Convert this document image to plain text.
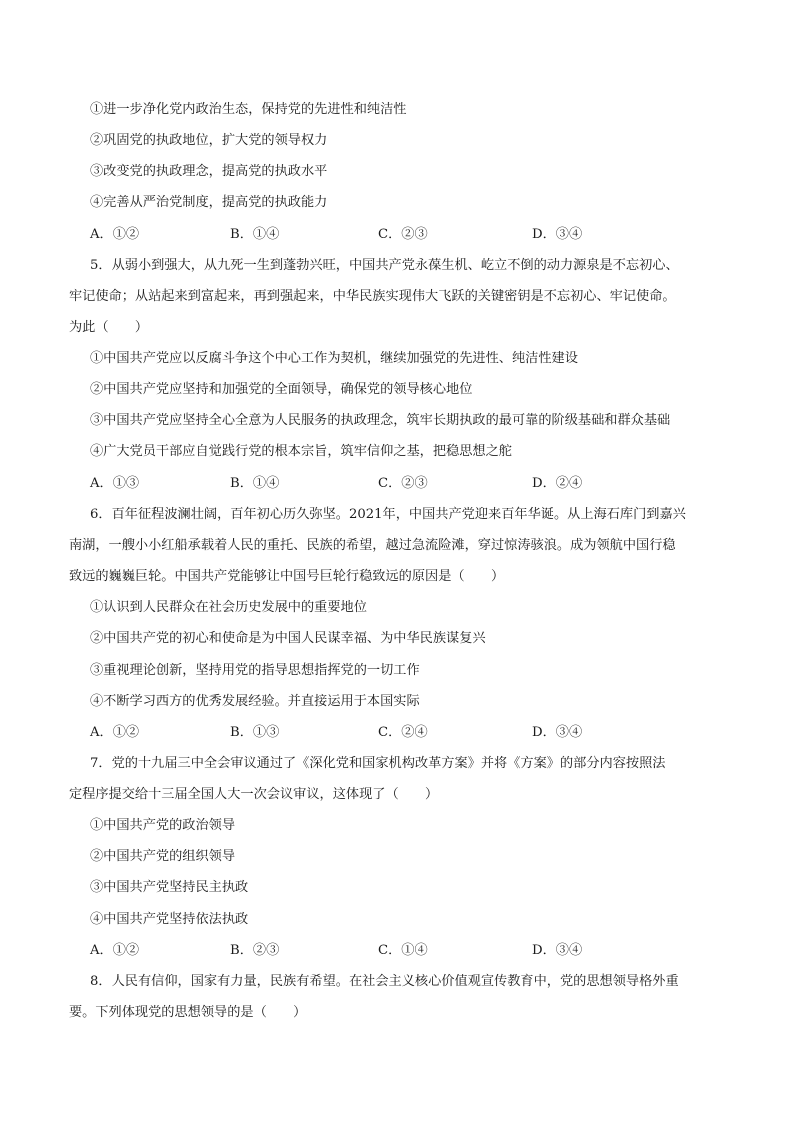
①进一步净化党内政治生态，保持党的先进性和纯洁性
②巩固党的执政地位，扩大党的领导权力
③改变党的执政理念，提高党的执政水平
④完善从严治党制度，提高党的执政能力
A．①②	B．①④	C．②③	D．③④
5．从弱小到强大，从九死一生到蓬勃兴旺，中国共产党永葆生机、屹立不倒的动力源泉是不忘初心、
牢记使命；从站起来到富起来，再到强起来，中华民族实现伟大飞跃的关键密钥是不忘初心、牢记使命。
为此（　　）
①中国共产党应以反腐斗争这个中心工作为契机，继续加强党的先进性、纯洁性建设
②中国共产党应坚持和加强党的全面领导，确保党的领导核心地位
③中国共产党应坚持全心全意为人民服务的执政理念，筑牢长期执政的最可靠的阶级基础和群众基础
④广大党员干部应自觉践行党的根本宗旨，筑牢信仰之基，把稳思想之舵
A．①③	B．①④	C．②③	D．②④
6．百年征程波澜壮阔，百年初心历久弥坚。2021年，中国共产党迎来百年华诞。从上海石库门到嘉兴
南湖，一艘小小红船承载着人民的重托、民族的希望，越过急流险滩，穿过惊涛骇浪。成为领航中国行稳
致远的巍巍巨轮。中国共产党能够让中国号巨轮行稳致远的原因是（　　）
①认识到人民群众在社会历史发展中的重要地位
②中国共产党的初心和使命是为中国人民谋幸福、为中华民族谋复兴
③重视理论创新，坚持用党的指导思想指挥党的一切工作
④不断学习西方的优秀发展经验。并直接运用于本国实际
A．①②	B．①③	C．②④	D．③④
7．党的十九届三中全会审议通过了《深化党和国家机构改革方案》并将《方案》的部分内容按照法
定程序提交给十三届全国人大一次会议审议，这体现了（　　）
①中国共产党的政治领导
②中国共产党的组织领导
③中国共产党坚持民主执政
④中国共产党坚持依法执政
A．①②	B．②③	C．①④	D．③④
8．人民有信仰，国家有力量，民族有希望。在社会主义核心价值观宣传教育中，党的思想领导格外重
要。下列体现党的思想领导的是（　　）
